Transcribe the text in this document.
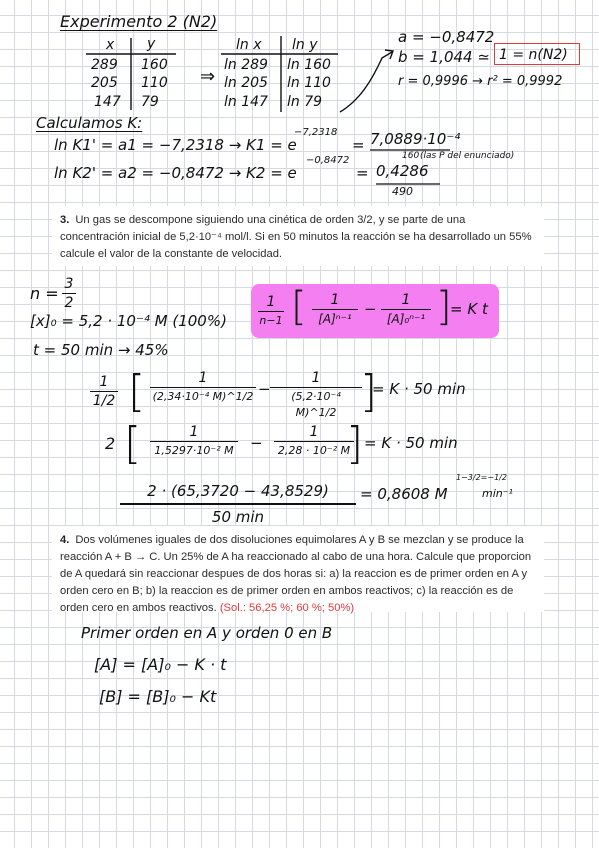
Experimento 2 (N2)
x y
289 160
205 110
147 79
⇒
ln x ln y
ln 289 ln 160
ln 205 ln 110
ln 147 ln 79
a = −0,8472
b = 1,044 ≃ 1 = n(N2)
r = 0,9996 → r² = 0,9992
Calculamos K:
ln K1' = a1 = −7,2318 → K1 = e
−7,2318
= 7,0889·10⁻⁴
160 (las P del enunciado)
ln K2' = a2 = −0,8472 → K2 = e
−0,8472
= 0,4286
490
3. Un gas se descompone siguiendo una cinética de orden 3/2, y se parte de una concentración inicial de 5,2·10⁻⁴ mol/l. Si en 50 minutos la reacción se ha desarrollado un 55% calcule el valor de la constante de velocidad.
n = 3
2
[x]₀ = 5,2 · 10⁻⁴ M (100%)
t = 50 min → 45%
1
n−1 [	1
[A]ⁿ⁻¹
−	1
[A]₀ⁿ⁻¹ ]
= K t
1
1/2 [	1
(2,34·10⁻⁴ M)^1/2 −
1
(5,2·10⁻⁴ M)^1/2 ]
= K · 50 min
2 [	1
1,5297·10⁻² M −
1
2,28 · 10⁻² M
] = K · 50 min
2 · (65,3720 − 43,8529)
50 min
= 0,8608 M
1−3/2=−1/2
min⁻¹
4. Dos volúmenes iguales de dos disoluciones equimolares A y B se mezclan y se produce la reacción A + B → C. Un 25% de A ha reaccionado al cabo de una hora. Calcule que proporcion de A quedará sin reaccionar despues de dos horas si: a) la reaccion es de primer orden en A y orden cero en B; b) la reaccion es de primer orden en ambos reactivos; c) la reacción es de orden cero en ambos reactivos. (Sol.: 56,25 %; 60 %; 50%)
Primer orden en A y orden 0 en B
[A] = [A]₀ − K · t
[B] = [B]₀ − Kt
